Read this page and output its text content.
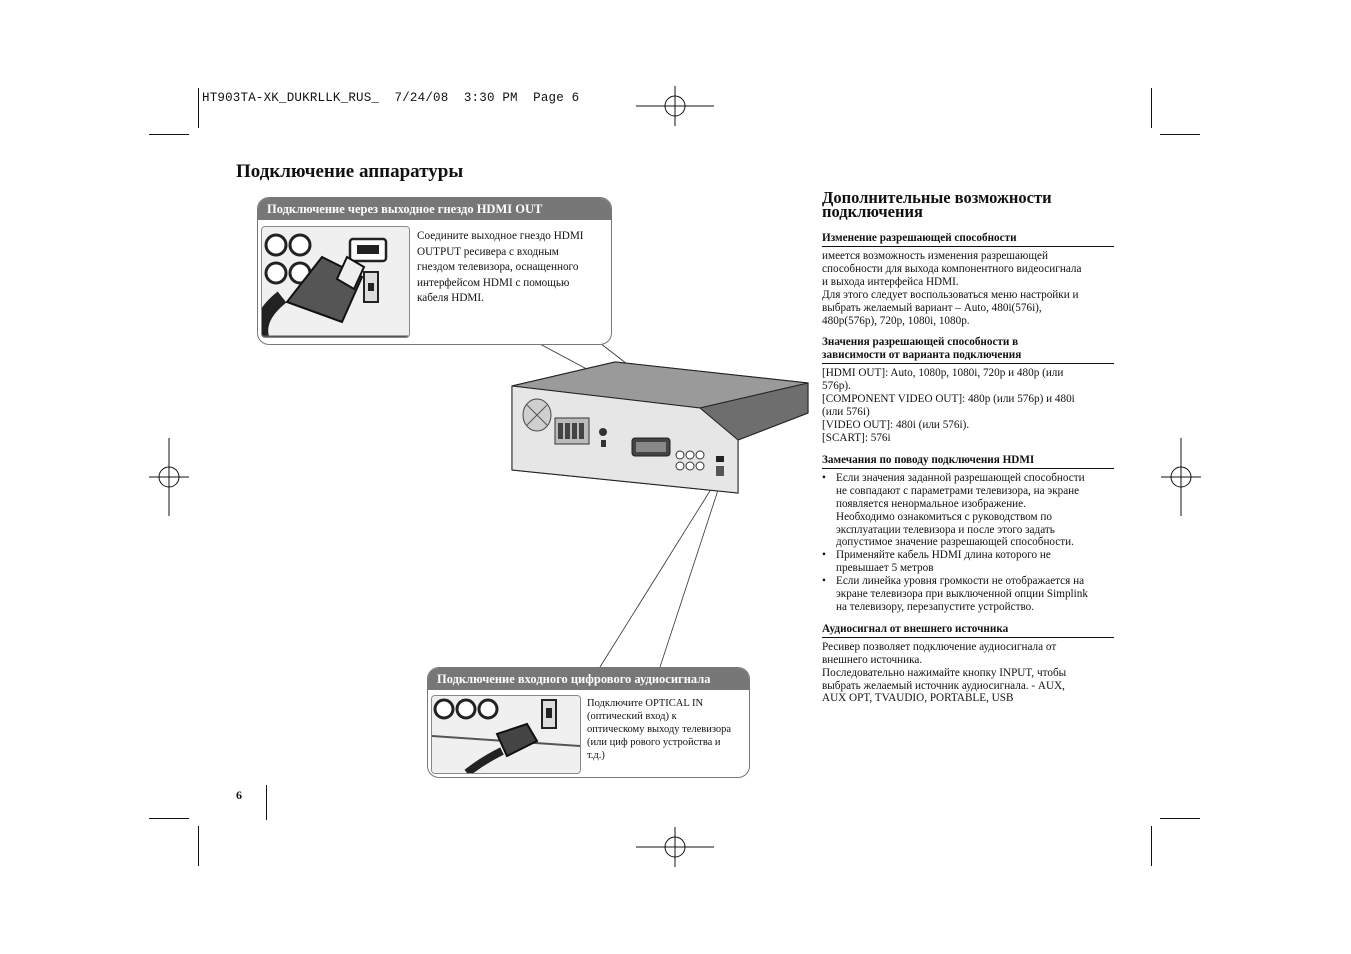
HT903TA-XK_DUKRLLK_RUS_  7/24/08  3:30 PM  Page 6
Подключение аппаратуры
Подключение через выходное гнездо HDMI OUT
Соедините выходное гнездо HDMI
OUTPUT ресивера с входным
гнездом телевизора, оснащенного
интерфейсом HDMI с помощью
кабеля HDMI.
Подключение входного цифрового аудиосигнала
Подключите OPTICAL IN
(оптический вход) к
оптическому выходу телевизора
(или циф рового устройства и
т.д.)
Дополнительные возможности
подключения
Изменение разрешающей способности
имеется возможность изменения разрешающей
способности для выхода компонентного видеосигнала
и выхода интерфейса HDMI.
Для этого следует воспользоваться меню настройки и
выбрать желаемый вариант – Auto, 480i(576i),
480p(576p), 720p, 1080i, 1080p.
Значения разрешающей способности в
зависимости от варианта подключения
[HDMI OUT]: Auto, 1080p, 1080i, 720p и 480p (или
576p).
[COMPONENT VIDEO OUT]: 480p (или 576p) и 480i
(или 576i)
[VIDEO OUT]: 480i (или 576i).
[SCART]: 576i
Замечания по поводу подключения HDMI
• Если значения заданной разрешающей способности
не совпадают с параметрами телевизора, на экране
появляется ненормальное изображение.
Необходимо ознакомиться с руководством по
эксплуатации телевизора и после этого задать
допустимое значение разрешающей способности.
• Применяйте кабель HDMI длина которого не
превышает 5 метров
• Если линейка уровня громкости не отображается на
экране телевизора при выключенной опции Simplink
на телевизору, перезапустите устройство.
Аудиосигнал от внешнего источника
Ресивер позволяет подключение аудиосигнала от
внешнего источника.
Последовательно нажимайте кнопку INPUT, чтобы
выбрать желаемый источник аудиосигнала. - AUX,
AUX OPT, TVAUDIO, PORTABLE, USB
6
